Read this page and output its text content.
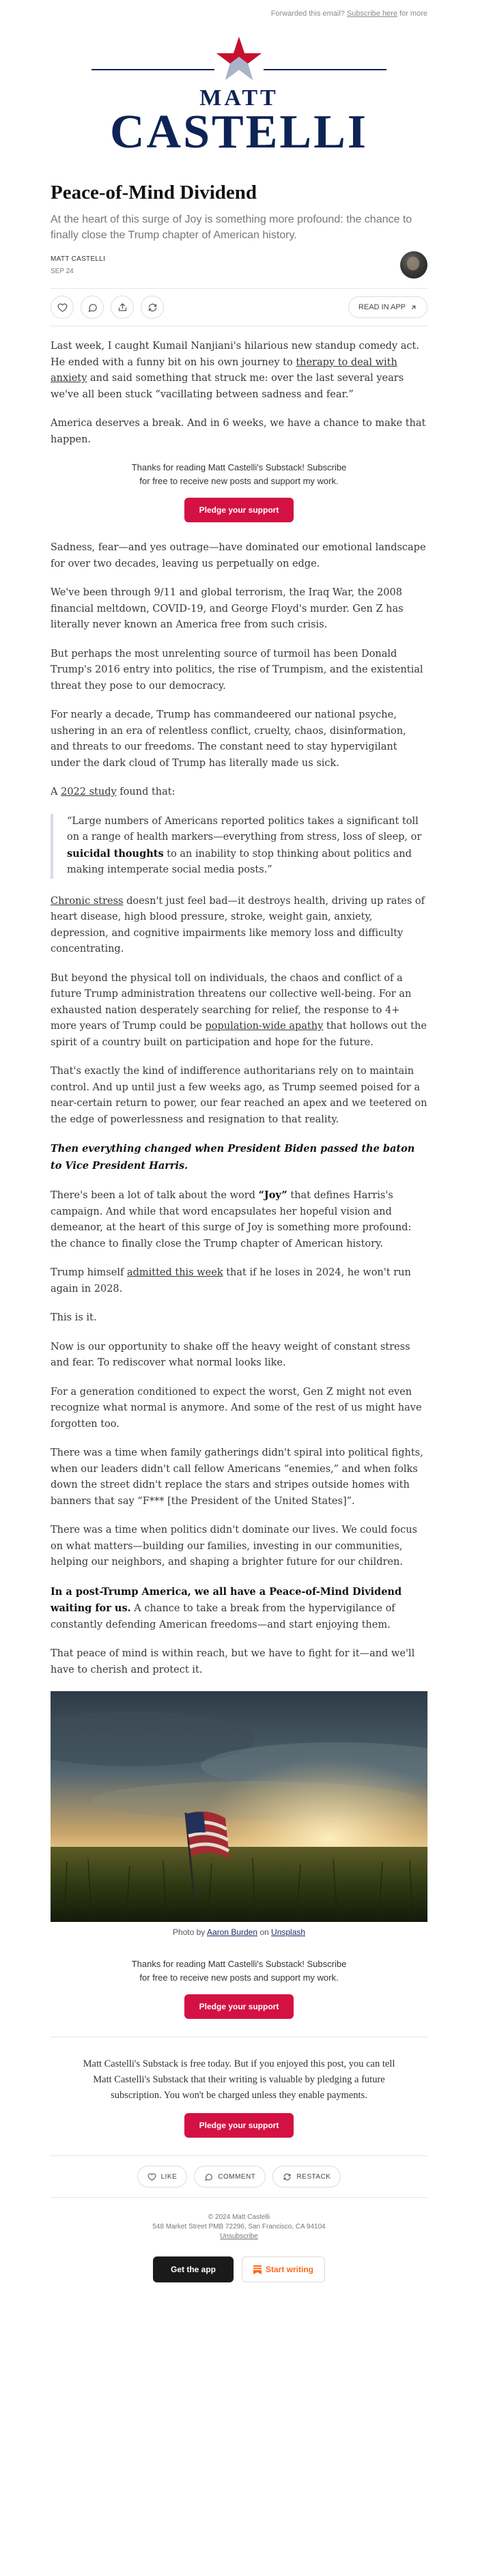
Forwarded this email? Subscribe here for more
MATT
CASTELLI
Peace-of-Mind Dividend
At the heart of this surge of Joy is something more profound: the chance to finally close the Trump chapter of American history.
MATT CASTELLI
SEP 24
READ IN APP

Last week, I caught Kumail Nanjiani's hilarious new standup comedy act. He ended with a funny bit on his own journey to therapy to deal with anxiety and said something that struck me: over the last several years we've all been stuck “vacillating between sadness and fear.”

America deserves a break. And in 6 weeks, we have a chance to make that happen.

Thanks for reading Matt Castelli's Substack! Subscribe
for free to receive new posts and support my work.
Pledge your support

Sadness, fear—and yes outrage—have dominated our emotional landscape for over two decades, leaving us perpetually on edge.

We've been through 9/11 and global terrorism, the Iraq War, the 2008 financial meltdown, COVID-19, and George Floyd's murder. Gen Z has literally never known an America free from such crisis.

But perhaps the most unrelenting source of turmoil has been Donald Trump's 2016 entry into politics, the rise of Trumpism, and the existential threat they pose to our democracy.

For nearly a decade, Trump has commandeered our national psyche, ushering in an era of relentless conflict, cruelty, chaos, disinformation, and threats to our freedoms. The constant need to stay hypervigilant under the dark cloud of Trump has literally made us sick.

A 2022 study found that:

“Large numbers of Americans reported politics takes a significant toll on a range of health markers—everything from stress, loss of sleep, or suicidal thoughts to an inability to stop thinking about politics and making intemperate social media posts.”

Chronic stress doesn't just feel bad—it destroys health, driving up rates of heart disease, high blood pressure, stroke, weight gain, anxiety, depression, and cognitive impairments like memory loss and difficulty concentrating.

But beyond the physical toll on individuals, the chaos and conflict of a future Trump administration threatens our collective well-being. For an exhausted nation desperately searching for relief, the response to 4+ more years of Trump could be population-wide apathy that hollows out the spirit of a country built on participation and hope for the future.

That's exactly the kind of indifference authoritarians rely on to maintain control. And up until just a few weeks ago, as Trump seemed poised for a near-certain return to power, our fear reached an apex and we teetered on the edge of powerlessness and resignation to that reality.

Then everything changed when President Biden passed the baton to Vice President Harris.

There's been a lot of talk about the word “Joy” that defines Harris's campaign. And while that word encapsulates her hopeful vision and demeanor, at the heart of this surge of Joy is something more profound: the chance to finally close the Trump chapter of American history.

Trump himself admitted this week that if he loses in 2024, he won't run again in 2028.

This is it.

Now is our opportunity to shake off the heavy weight of constant stress and fear. To rediscover what normal looks like.

For a generation conditioned to expect the worst, Gen Z might not even recognize what normal is anymore. And some of the rest of us might have forgotten too.

There was a time when family gatherings didn't spiral into political fights, when our leaders didn't call fellow Americans “enemies,” and when folks down the street didn't replace the stars and stripes outside homes with banners that say “F*** [the President of the United States]”.

There was a time when politics didn't dominate our lives. We could focus on what matters—building our families, investing in our communities, helping our neighbors, and shaping a brighter future for our children.

In a post-Trump America, we all have a Peace-of-Mind Dividend waiting for us. A chance to take a break from the hypervigilance of constantly defending American freedoms—and start enjoying them.

That peace of mind is within reach, but we have to fight for it—and we'll have to cherish and protect it.

Photo by Aaron Burden on Unsplash
Thanks for reading Matt Castelli's Substack! Subscribe
for free to receive new posts and support my work.
Pledge your support
Matt Castelli's Substack is free today. But if you enjoyed this post, you can tell Matt Castelli's Substack that their writing is valuable by pledging a future subscription. You won't be charged unless they enable payments.
Pledge your support
LIKE	COMMENT	RESTACK
© 2024 Matt Castelli
548 Market Street PMB 72296, San Francisco, CA 94104
Unsubscribe
Get the app	Start writing
